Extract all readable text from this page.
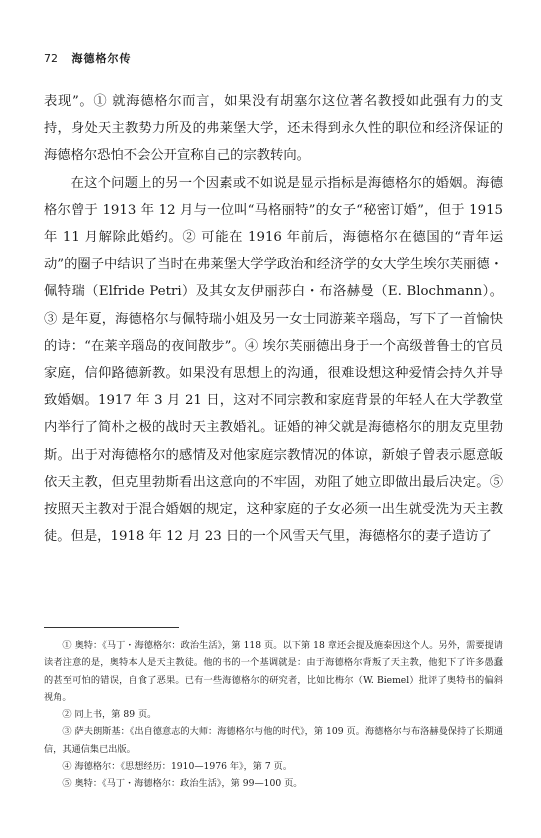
72 海德格尔传

表现”。① 就海德格尔而言，如果没有胡塞尔这位著名教授如此强有力的支持，身处天主教势力所及的弗莱堡大学，还未得到永久性的职位和经济保证的海德格尔恐怕不会公开宣称自己的宗教转向。

在这个问题上的另一个因素或不如说是显示指标是海德格尔的婚姻。海德格尔曾于 1913 年 12 月与一位叫“马格丽特”的女子“秘密订婚”，但于 1915 年 11 月解除此婚约。② 可能在 1916 年前后，海德格尔在德国的“青年运动”的圈子中结识了当时在弗莱堡大学学政治和经济学的女大学生埃尔芙丽德・佩特瑞（Elfride Petri）及其女友伊丽莎白・布洛赫曼（E. Blochmann）。③ 是年夏，海德格尔与佩特瑞小姐及另一女士同游莱辛瑙岛，写下了一首愉快的诗：“在莱辛瑙岛的夜间散步”。④ 埃尔芙丽德出身于一个高级普鲁士的官员家庭，信仰路德新教。如果没有思想上的沟通，很难设想这种爱情会持久并导致婚姻。1917 年 3 月 21 日，这对不同宗教和家庭背景的年轻人在大学教堂内举行了简朴之极的战时天主教婚礼。证婚的神父就是海德格尔的朋友克里勃斯。出于对海德格尔的感情及对他家庭宗教情况的体谅，新娘子曾表示愿意皈依天主教，但克里勃斯看出这意向的不牢固，劝阻了她立即做出最后决定。⑤ 按照天主教对于混合婚姻的规定，这种家庭的子女必须一出生就受洗为天主教徒。但是，1918 年 12 月 23 日的一个风雪天气里，海德格尔的妻子造访了

① 奥特：《马丁・海德格尔：政治生活》，第 118 页。以下第 18 章还会提及施泰因这个人。另外，需要提请读者注意的是，奥特本人是天主教徒。他的书的一个基调就是：由于海德格尔背叛了天主教，他犯下了许多愚蠢的甚至可怕的错误，自食了恶果。已有一些海德格尔的研究者，比如比梅尔（W. Biemel）批评了奥特书的偏斜视角。

② 同上书，第 89 页。

③ 萨夫朗斯基：《出自德意志的大师：海德格尔与他的时代》，第 109 页。海德格尔与布洛赫曼保持了长期通信，其通信集已出版。

④ 海德格尔：《思想经历：1910—1976 年》，第 7 页。

⑤ 奥特：《马丁・海德格尔：政治生活》，第 99—100 页。
